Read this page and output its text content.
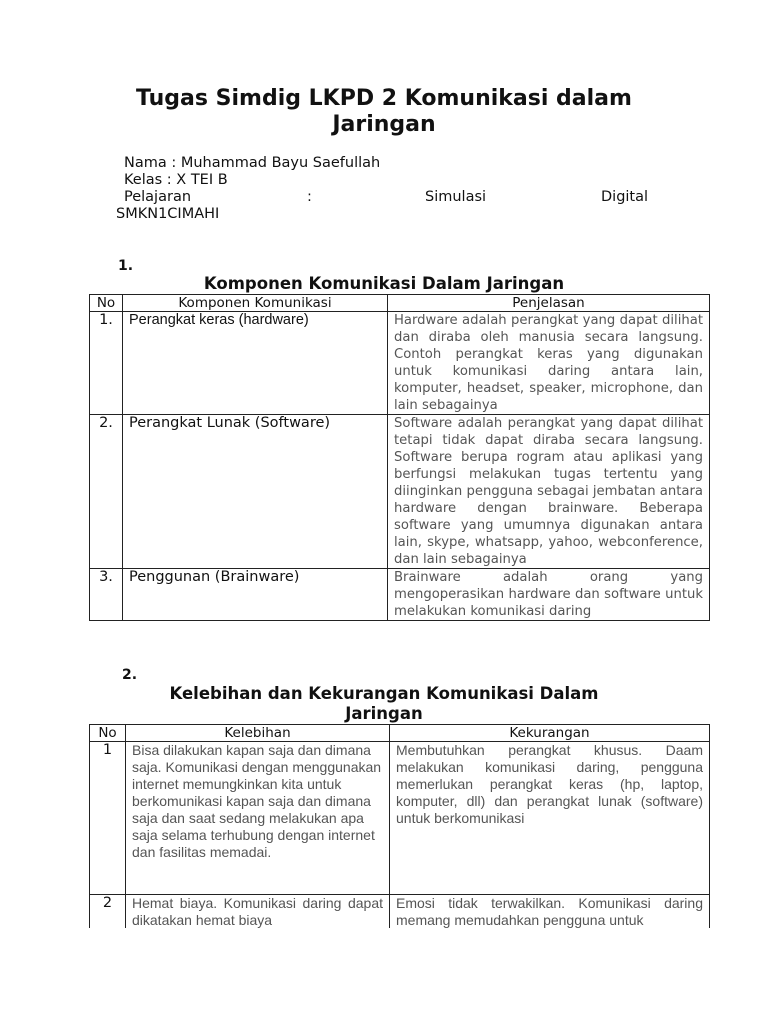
Tugas Simdig LKPD 2 Komunikasi dalam Jaringan
Nama : Muhammad Bayu Saefullah
Kelas : X TEI B
Pelajaran	:	Simulasi	Digital
SMKN1CIMAHI
1.
Komponen Komunikasi Dalam Jaringan
No	Komponen Komunikasi	Penjelasan
1.	Perangkat keras (hardware)	Hardware adalah perangkat yang dapat dilihat dan diraba oleh manusia secara langsung. Contoh perangkat keras yang digunakan untuk komunikasi daring antara lain, komputer, headset, speaker, microphone, dan lain sebagainya
2.	Perangkat Lunak (Software)	Software adalah perangkat yang dapat dilihat tetapi tidak dapat diraba secara langsung. Software berupa rogram atau aplikasi yang berfungsi melakukan tugas tertentu yang diinginkan pengguna sebagai jembatan antara hardware dengan brainware. Beberapa software yang umumnya digunakan antara lain, skype, whatsapp, yahoo, webconference, dan lain sebagainya
3.	Penggunan (Brainware)	Brainware adalah orang yang mengoperasikan hardware dan software untuk melakukan komunikasi daring
2.
Kelebihan dan Kekurangan Komunikasi Dalam Jaringan
No	Kelebihan	Kekurangan
1	Bisa dilakukan kapan saja dan dimana saja. Komunikasi dengan menggunakan internet memungkinkan kita untuk berkomunikasi kapan saja dan dimana saja dan saat sedang melakukan apa saja selama terhubung dengan internet dan fasilitas memadai.	Membutuhkan perangkat khusus. Daam melakukan komunikasi daring, pengguna memerlukan perangkat keras (hp, laptop, komputer, dll) dan perangkat lunak (software) untuk berkomunikasi
2	Hemat biaya. Komunikasi daring dapat dikatakan hemat biaya	Emosi tidak terwakilkan. Komunikasi daring memang memudahkan pengguna untuk
